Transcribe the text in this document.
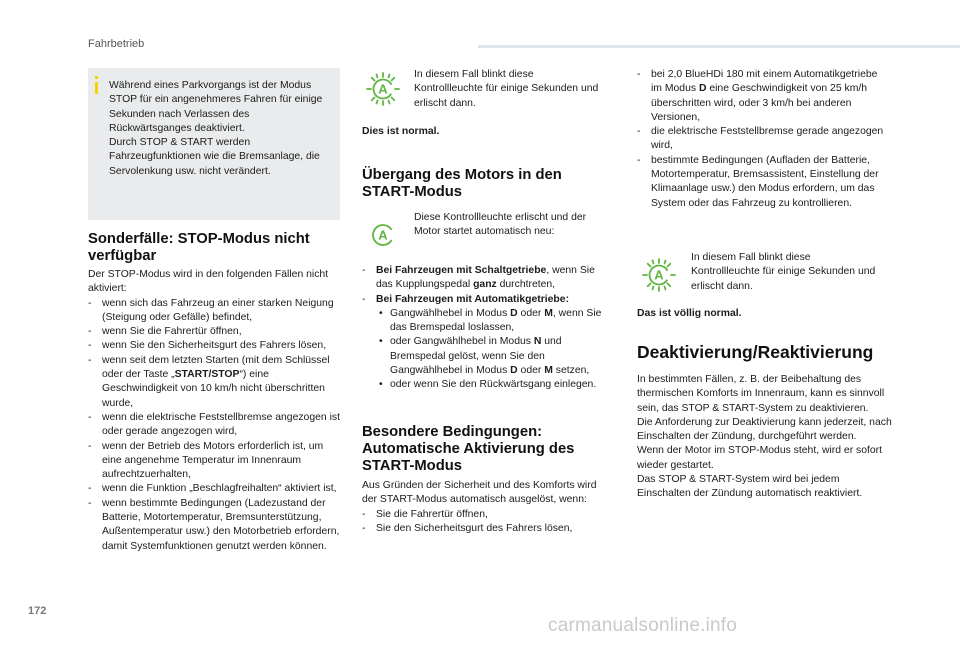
Fahrbetrieb

Während eines Parkvorgangs ist der Modus STOP für ein angenehmeres Fahren für einige Sekunden nach Verlassen des Rückwärtsganges deaktiviert.

Durch STOP & START werden Fahrzeugfunktionen wie die Bremsanlage, die Servolenkung usw. nicht verändert.

Sonderfälle: STOP-Modus nicht verfügbar

Der STOP-Modus wird in den folgenden Fällen nicht aktiviert:

- wenn sich das Fahrzeug an einer starken Neigung (Steigung oder Gefälle) befindet,
- wenn Sie die Fahrertür öffnen,
- wenn Sie den Sicherheitsgurt des Fahrers lösen,
- wenn seit dem letzten Starten (mit dem Schlüssel oder der Taste „START/STOP“) eine Geschwindigkeit von 10 km/h nicht überschritten wurde,
- wenn die elektrische Feststellbremse angezogen ist oder gerade angezogen wird,
- wenn der Betrieb des Motors erforderlich ist, um eine angenehme Temperatur im Innenraum aufrechtzuerhalten,
- wenn die Funktion „Beschlagfreihalten“ aktiviert ist,
- wenn bestimmte Bedingungen (Ladezustand der Batterie, Motortemperatur, Bremsunterstützung, Außentemperatur usw.) den Motorbetrieb erfordern, damit Systemfunktionen genutzt werden können.
A
In diesem Fall blinkt diese Kontrollleuchte für einige Sekunden und erlischt dann.
Dies ist normal.
Übergang des Motors in den START-Modus
A
Diese Kontrollleuchte erlischt und der Motor startet automatisch neu:
- Bei Fahrzeugen mit Schaltgetriebe, wenn Sie das Kupplungspedal ganz durchtreten,
- Bei Fahrzeugen mit Automatikgetriebe:
• Gangwählhebel in Modus D oder M, wenn Sie das Bremspedal loslassen,
• oder Gangwählhebel in Modus N und Bremspedal gelöst, wenn Sie den Gangwählhebel in Modus D oder M setzen,
• oder wenn Sie den Rückwärtsgang einlegen.
Besondere Bedingungen: Automatische Aktivierung des START-Modus

Aus Gründen der Sicherheit und des Komforts wird der START-Modus automatisch ausgelöst, wenn:

- Sie die Fahrertür öffnen,
- Sie den Sicherheitsgurt des Fahrers lösen,
- bei 2,0 BlueHDi 180 mit einem Automatikgetriebe im Modus D eine Geschwindigkeit von 25 km/h überschritten wird, oder 3 km/h bei anderen Versionen,
- die elektrische Feststellbremse gerade angezogen wird,
- bestimmte Bedingungen (Aufladen der Batterie, Motortemperatur, Bremsassistent, Einstellung der Klimaanlage usw.) den Modus erfordern, um das System oder das Fahrzeug zu kontrollieren.
A
In diesem Fall blinkt diese Kontrollleuchte für einige Sekunden und erlischt dann.
Das ist völlig normal.
Deaktivierung/Reaktivierung

In bestimmten Fällen, z. B. der Beibehaltung des thermischen Komforts im Innenraum, kann es sinnvoll sein, das STOP & START-System zu deaktivieren.

Die Anforderung zur Deaktivierung kann jederzeit, nach Einschalten der Zündung, durchgeführt werden.

Wenn der Motor im STOP-Modus steht, wird er sofort wieder gestartet.

Das STOP & START-System wird bei jedem Einschalten der Zündung automatisch reaktiviert.

172
carmanualsonline.info
